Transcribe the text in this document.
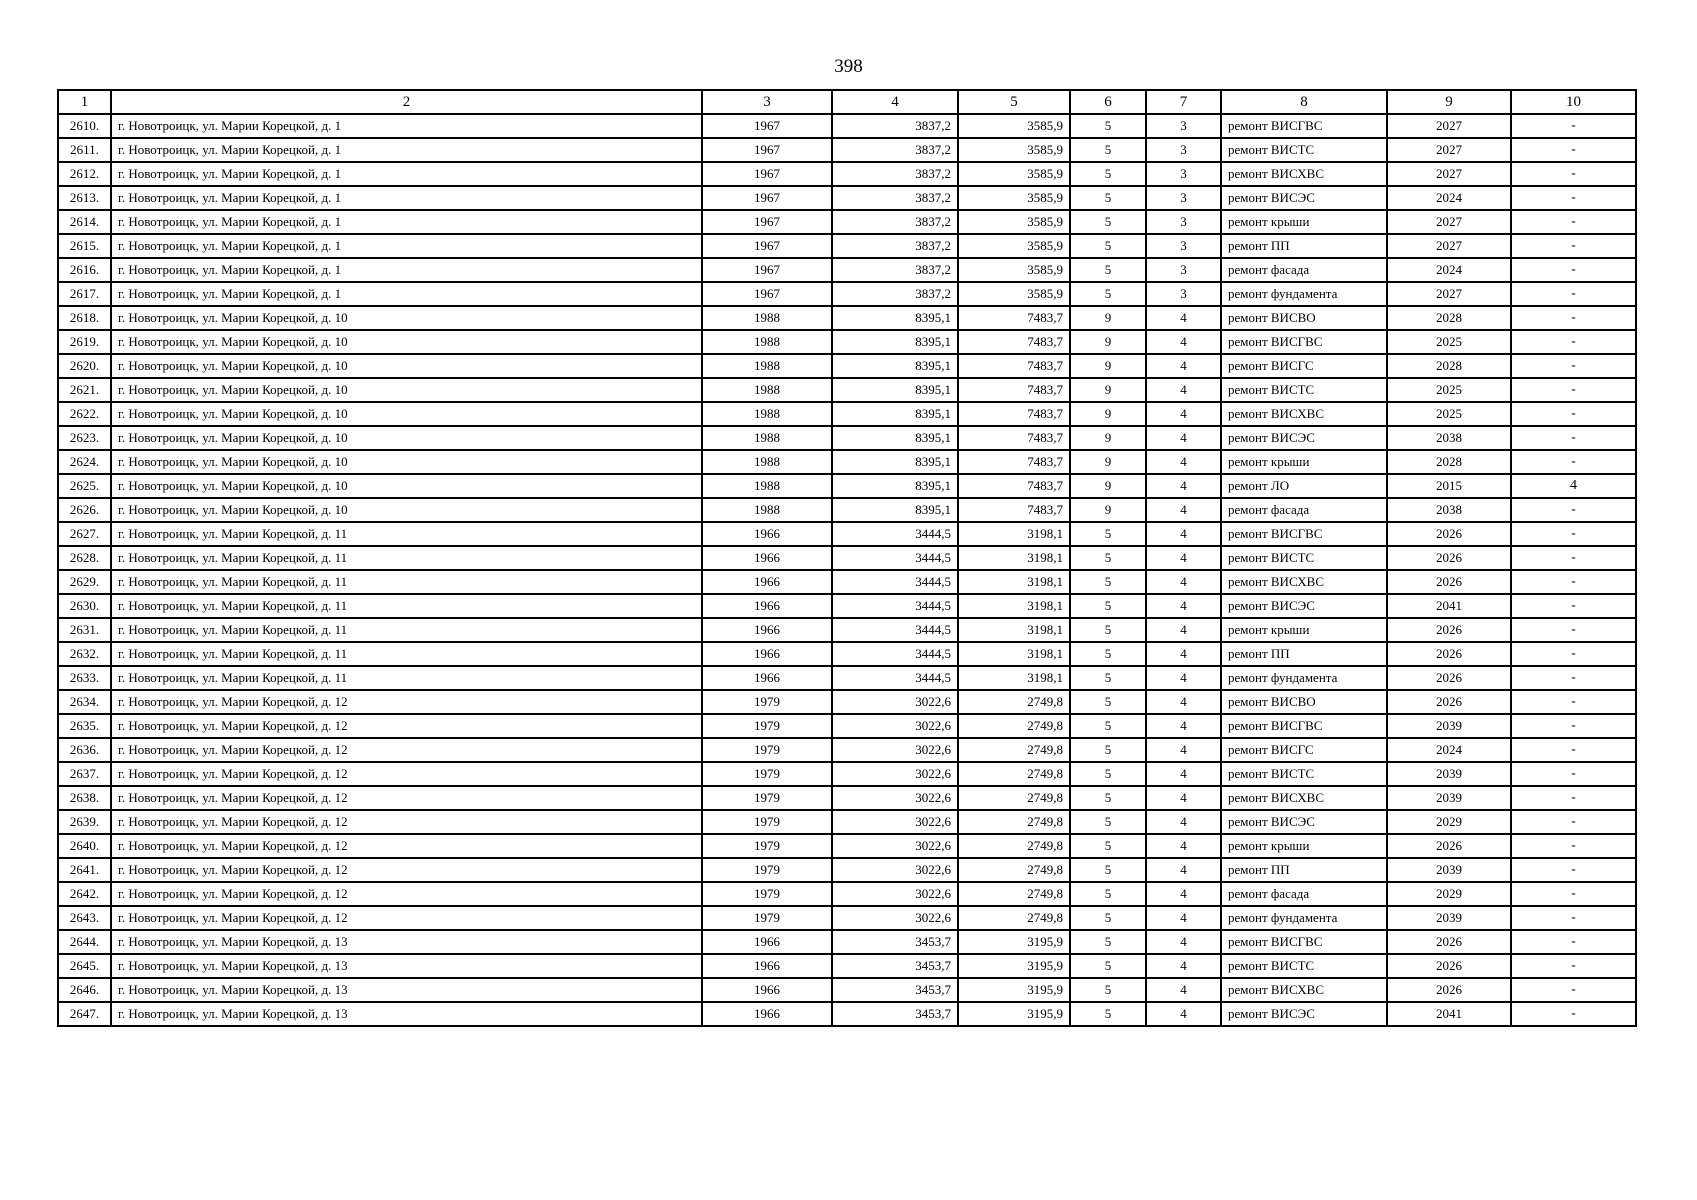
398
1	2	3	4	5	6	7	8	9	10
2610.	г. Новотроицк, ул. Марии Корецкой, д. 1	1967	3837,2	3585,9	5	3	ремонт ВИСГВС	2027	-
2611.	г. Новотроицк, ул. Марии Корецкой, д. 1	1967	3837,2	3585,9	5	3	ремонт ВИСТС	2027	-
2612.	г. Новотроицк, ул. Марии Корецкой, д. 1	1967	3837,2	3585,9	5	3	ремонт ВИСХВС	2027	-
2613.	г. Новотроицк, ул. Марии Корецкой, д. 1	1967	3837,2	3585,9	5	3	ремонт ВИСЭС	2024	-
2614.	г. Новотроицк, ул. Марии Корецкой, д. 1	1967	3837,2	3585,9	5	3	ремонт крыши	2027	-
2615.	г. Новотроицк, ул. Марии Корецкой, д. 1	1967	3837,2	3585,9	5	3	ремонт ПП	2027	-
2616.	г. Новотроицк, ул. Марии Корецкой, д. 1	1967	3837,2	3585,9	5	3	ремонт фасада	2024	-
2617.	г. Новотроицк, ул. Марии Корецкой, д. 1	1967	3837,2	3585,9	5	3	ремонт фундамента	2027	-
2618.	г. Новотроицк, ул. Марии Корецкой, д. 10	1988	8395,1	7483,7	9	4	ремонт ВИСВО	2028	-
2619.	г. Новотроицк, ул. Марии Корецкой, д. 10	1988	8395,1	7483,7	9	4	ремонт ВИСГВС	2025	-
2620.	г. Новотроицк, ул. Марии Корецкой, д. 10	1988	8395,1	7483,7	9	4	ремонт ВИСГС	2028	-
2621.	г. Новотроицк, ул. Марии Корецкой, д. 10	1988	8395,1	7483,7	9	4	ремонт ВИСТС	2025	-
2622.	г. Новотроицк, ул. Марии Корецкой, д. 10	1988	8395,1	7483,7	9	4	ремонт ВИСХВС	2025	-
2623.	г. Новотроицк, ул. Марии Корецкой, д. 10	1988	8395,1	7483,7	9	4	ремонт ВИСЭС	2038	-
2624.	г. Новотроицк, ул. Марии Корецкой, д. 10	1988	8395,1	7483,7	9	4	ремонт крыши	2028	-
2625.	г. Новотроицк, ул. Марии Корецкой, д. 10	1988	8395,1	7483,7	9	4	ремонт ЛО	2015	4
2626.	г. Новотроицк, ул. Марии Корецкой, д. 10	1988	8395,1	7483,7	9	4	ремонт фасада	2038	-
2627.	г. Новотроицк, ул. Марии Корецкой, д. 11	1966	3444,5	3198,1	5	4	ремонт ВИСГВС	2026	-
2628.	г. Новотроицк, ул. Марии Корецкой, д. 11	1966	3444,5	3198,1	5	4	ремонт ВИСТС	2026	-
2629.	г. Новотроицк, ул. Марии Корецкой, д. 11	1966	3444,5	3198,1	5	4	ремонт ВИСХВС	2026	-
2630.	г. Новотроицк, ул. Марии Корецкой, д. 11	1966	3444,5	3198,1	5	4	ремонт ВИСЭС	2041	-
2631.	г. Новотроицк, ул. Марии Корецкой, д. 11	1966	3444,5	3198,1	5	4	ремонт крыши	2026	-
2632.	г. Новотроицк, ул. Марии Корецкой, д. 11	1966	3444,5	3198,1	5	4	ремонт ПП	2026	-
2633.	г. Новотроицк, ул. Марии Корецкой, д. 11	1966	3444,5	3198,1	5	4	ремонт фундамента	2026	-
2634.	г. Новотроицк, ул. Марии Корецкой, д. 12	1979	3022,6	2749,8	5	4	ремонт ВИСВО	2026	-
2635.	г. Новотроицк, ул. Марии Корецкой, д. 12	1979	3022,6	2749,8	5	4	ремонт ВИСГВС	2039	-
2636.	г. Новотроицк, ул. Марии Корецкой, д. 12	1979	3022,6	2749,8	5	4	ремонт ВИСГС	2024	-
2637.	г. Новотроицк, ул. Марии Корецкой, д. 12	1979	3022,6	2749,8	5	4	ремонт ВИСТС	2039	-
2638.	г. Новотроицк, ул. Марии Корецкой, д. 12	1979	3022,6	2749,8	5	4	ремонт ВИСХВС	2039	-
2639.	г. Новотроицк, ул. Марии Корецкой, д. 12	1979	3022,6	2749,8	5	4	ремонт ВИСЭС	2029	-
2640.	г. Новотроицк, ул. Марии Корецкой, д. 12	1979	3022,6	2749,8	5	4	ремонт крыши	2026	-
2641.	г. Новотроицк, ул. Марии Корецкой, д. 12	1979	3022,6	2749,8	5	4	ремонт ПП	2039	-
2642.	г. Новотроицк, ул. Марии Корецкой, д. 12	1979	3022,6	2749,8	5	4	ремонт фасада	2029	-
2643.	г. Новотроицк, ул. Марии Корецкой, д. 12	1979	3022,6	2749,8	5	4	ремонт фундамента	2039	-
2644.	г. Новотроицк, ул. Марии Корецкой, д. 13	1966	3453,7	3195,9	5	4	ремонт ВИСГВС	2026	-
2645.	г. Новотроицк, ул. Марии Корецкой, д. 13	1966	3453,7	3195,9	5	4	ремонт ВИСТС	2026	-
2646.	г. Новотроицк, ул. Марии Корецкой, д. 13	1966	3453,7	3195,9	5	4	ремонт ВИСХВС	2026	-
2647.	г. Новотроицк, ул. Марии Корецкой, д. 13	1966	3453,7	3195,9	5	4	ремонт ВИСЭС	2041	-
